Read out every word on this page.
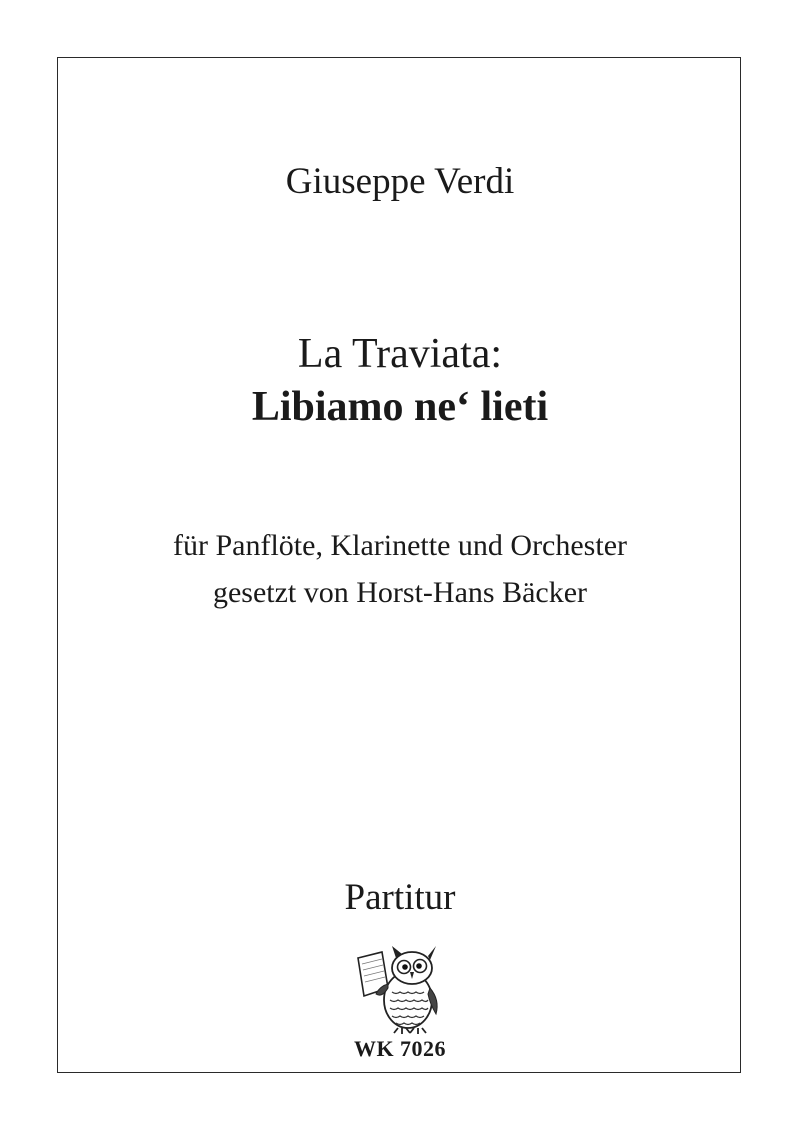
Giuseppe Verdi
La Traviata:
Libiamo ne‘ lieti
für Panflöte, Klarinette und Orchester
gesetzt von Horst-Hans Bäcker
Partitur
WK 7026
